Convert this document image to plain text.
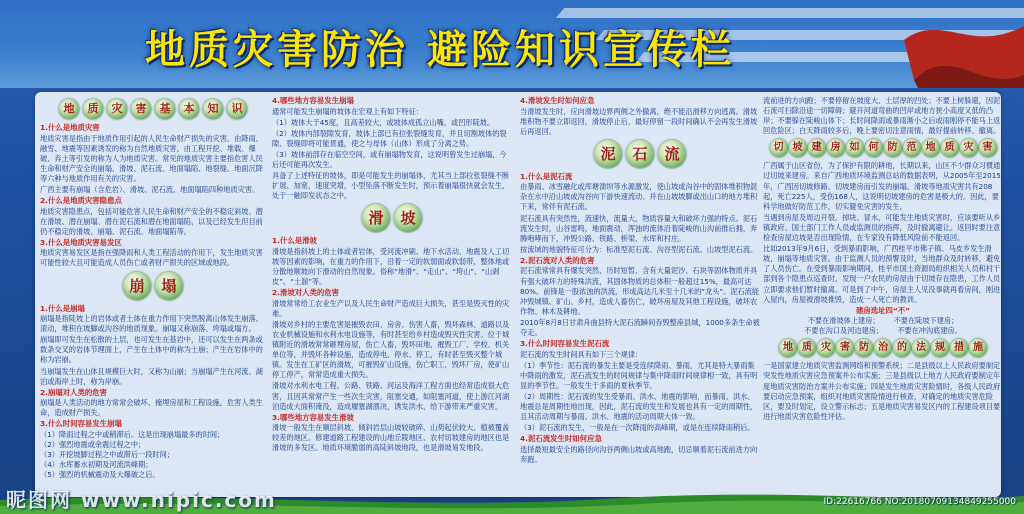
地质灾害防治 避险知识宣传栏
地	质	灾	害	基	本	知	识
1.什么是地质灾害
地质灾害是指由于地质作用引起的人民生命财产损失的灾害。由降雨、融雪、地震等因素诱发的称为自然地质灾害，由工程开挖、堆载、爆破、弃土等引发的称为人为地质灾害。常见的地质灾害主要指危害人民生命和财产安全的崩塌、滑坡、泥石流、地面塌陷、地裂缝、地面沉降等六种与地质作用有关的灾害。
广西主要有崩塌（含危岩）、滑坡、泥石流、地面塌陷四种地质灾害。
2.什么是地质灾害隐患点
地质灾害隐患点，包括可能危害人民生命和财产安全的不稳定斜坡、潜在滑坡、潜在崩塌、潜在泥石流和潜在地面塌陷，以及已经发生但目前仍不稳定的滑坡、崩塌、泥石流、地面塌陷等。
3.什么是地质灾害易发区
地质灾害易发区是指在强降雨和人类工程活动的作用下，发生地质灾害可能性较大且可能造成人员伤亡或者财产损失的区域或地段。
崩	塌
1.什么是崩塌
崩塌是指陡坡上的岩体或者土体在重力作用下突然脱离山体发生崩落、滚动，堆积在坡脚或沟谷的地质现象。崩塌又称崩落、垮塌或塌方。
崩塌即可发生在松散的土层，也可发生在基岩中，还可以发生在两条或数条交叉的岩体节理面上，产生在土体中的称为土崩；产生在岩体中的称为岩崩。
当崩塌发生在山体且规模巨大时，又称为山崩；当崩塌产生在河流、湖泊或海岸上时，称为岸崩。
2.崩塌对人类的危害
崩塌是人类活动的地方常常会破坏、掩埋房屋和工程设施，危害人类生命，造成财产损失。
3.什么时间容易发生崩塌
（1）降雨过程之中或稍滞后。这是出现崩塌最多的时间；
（2）强烈地震或余震过程之中；
（3）开挖坡脚过程之中或滞后一段时间；
（4）水库蓄水初期及河流洪峰期；
（5）强烈的机械震动及大爆破之后。
4.哪些地方容易发生崩塌
通常可能发生崩塌的坡体在宏观上有如下特征：
（1）坡体大于45度，且高差较大，或坡体成孤立山嘴，或凹形陡坡。
（2）坡体内部裂隙发育，坡体上部已有拉张裂缝发育，并且切割坡体的裂隙、裂缝即将可能贯通，使之与母体（山体）形成了分离之势。
（3）坡体前部存在临空空间，或有崩塌物发育，这说明曾发生过崩塌，今后还可能再次发生。
具备了上述特征的坡体，即是可能发生的崩塌体，尤其当上部拉张裂缝不断扩展、加宽，速度突增，小型坠落不断发生时，预示着崩塌很快就会发生，处于一触即发状态之中。
滑	坡
1.什么是滑坡
滑坡是指斜坡上的土体或者岩体，受河流冲刷、地下水活动、地震及人工切坡等因素的影响，在重力的作用下，沿着一定的软弱面或软弱带，整体地或分散地顺坡向下滑动的自然现象。俗称“地滑”、“走山”、“垮山”、“山剥皮”、“土溜”等。
2.滑坡对人类的危害
滑坡常常给工农业生产以及人民生命财产造成巨大损失，甚至是毁灭性的灾难。
滑坡对乡村的主要危害是摧毁农田、房舍、伤害人畜，毁坏森林、道路以及农业机械设施和水利水电设施等，有时甚至给乡村造成毁灭性灾害。位于城镇附近的滑坡常常砸埋房屋，伤亡人畜，毁坏田地，摧毁工厂、学校、机关单位等，并毁坏各种设施，造成停电、停水、停工，有时甚至毁灭整个城镇。发生在工矿区的滑坡，可摧毁矿山设施，伤亡职工，毁坏厂房，使矿山停工停产，常常造成重大损失。
滑坡对水利水电工程、公路、铁路、河运及海洋工程方面也经常造成很大危害，且因其常常产生一些次生灾害，阻塞交通，如阻塞河道，使上游江河湖泊造成大面积淹没，造成堰塞湖溃决，诱发洪水，给下游带来严重灾害。
3.哪些地方容易发生滑坡
滑坡一般发生在顺层斜坡、倾斜岩层山坡较破碎、山势起伏较大、植被覆盖较差的地区。修建道路工程建设的山地丘陵地区、农村切坡建房的地区也是滑坡的多发区。地质环境脆弱的高陡斜坡地段，也是滑坡易发地段。
4.滑坡发生时如何应急
当滑坡发生时，应向滑坡边界两侧之外撤离，绝不能沿滑移方向逃离。滑坡堆积物不要立即返回，滑坡停止后，最好停留一段时间确认不会再发生滑坡后再返回。
泥	石	流
1.什么是泥石流
由暴雨、冰雪融化或库塘溃坝等水源激发，使山坡或沟谷中的固体堆积物混杂在水中沿山坡或沟谷向下游快速流动、并在山坡坡脚或出山口的地方堆积下来，常伴有泥石流。
泥石流具有突然性，流速快，流量大，物质容量大和破坏力强的特点。泥石流发生时，山谷雷鸣，地面震动，浑浊的流体沿着陡峻的山沟前推后拥，奔腾咆哮而下，冲毁公路、铁路、桥梁、水库和村庄。
按流域的地貌特征可分为：标准型泥石流、沟谷型泥石流、山坡型泥石流。
2.泥石流对人类的危害
泥石流常常具有爆发突然、历时短暂、含有大量泥沙、石块等固体物质并具有强大破坏力的特殊洪流，其固体物质的总体积一般超过15%，最高可达80%。前锋是一股浓浊的洪流，形成高达几米至十几米的“龙头”。泥石流能冲毁城镇、矿山、乡村，造成人畜伤亡，破坏房屋及其他工程设施，破坏农作物、林木及耕地。
2010年8月8日甘肃舟曲县特大泥石流瞬间吞毁整座县城，1000多条生命被夺走。
3.什么时间容易发生泥石流
泥石流的发生时间具有如下三个规律：
（1）季节性：泥石流的暴发主要是受连续降雨、暴雨，尤其是特大暴雨集中降雨的激发，泥石流发生的时间规律与集中降雨时间规律相一致，具有明显的季节性。一般发生于多雨的夏秋季节。
（2）周期性：泥石流的发生受暴雨、洪水、地震的影响，而暴雨、洪水、地震总是周期性地出现，因此，泥石流的发生和发展也具有一定的周期性，且其活动周期与暴雨、洪水、地震的活动周期大体一致。
（3）泥石流的发生，一般是在一次降雨的高峰期，或是在连续降雨稍后。
4.泥石流发生时如何应急
选择最短最安全的路径向沟谷两侧山坡或高地跑，切忌顺着泥石流前进方向奔跑。
流前进的方向跑；不要停留在坡度大、土层厚的凹处；不要上树躲避，因泥石流可扫除沿途一切障碍；避开河道弯曲的凹岸或地方狭小高度又低的凸岸；不要躲在陡峻山体下；长时间降雨或暴雨渐小之后或雨刚停不能马上返回危险区；白天降雨较多后，晚上要密切注意雨情，最好提前转移、撤离。
切 坡 建 房 如 何 防 范 地 质 灾 害
广西属于山区省份，为了保护有限的耕地，长期以来，山区不少群众习惯通过切坡来建房。来自广西地质环境监测总站的数据表明，从2005年至2015年，广西因切坡修路、切坡建房而引发的崩塌、滑坡等地质灾害共有208起，死亡225人，受伤168人，这说明切坡建房的危害是极大的。因此，要科学地做好防范工作，切实避免灾害的发生。
当遇到房屋及周边开裂、掉块、冒水，可能发生地质灾害时，应该要听从乡镇政府、国土部门工作人员或监测员的指挥，及时撤离避让。返回时要注意检查房屋边坡是否出现险情，在专家没有降低风险前不能返回。
比如2013年9月6日，受到暴雨影响，广西桂平市佛子镇、马皮乡发生滑坡，崩塌等地质灾害。由于监测人员的预警及时，当地群众及时转移，避免了人员伤亡。在受到暴雨影响期间，桂平市国土资源局组织相关人员和村干部到各个隐患点巡查时，发现一户农民的房屋由于切坡存在隐患，工作人员立即要求他们暂时撤离。可是到了中午，房屋主人见没事就再看房间，刚进入屋内，房屋被滑坡推毁，造成一人死亡的教训。
建房选址四“不”
不要在滑坡体上建房； 不要在陡坡下建房；
不要在沟口及河边建房； 不要在冲沟底建房。
地 质 灾 害 防 治 的 法 规 措 施
一是国家建立地质灾害监测网络和预警系统；二是县级以上人民政府要制定突发性地质灾害应急预案并公布实施；三是县级以上地方人民政府要制定年度地质灾害防治方案并公布实施；四是发生地质灾害险情时，各级人民政府要启动应急预案，组织对地质灾害险情进行核查，对确定的地质灾害危险区，要及时划定，设立警示标志；五是地质灾害易发区内的工程建设项目要进行地质灾害危险性评估。
昵图网 www.nipic.com	ID:22616766 NO:20180709134849255000
